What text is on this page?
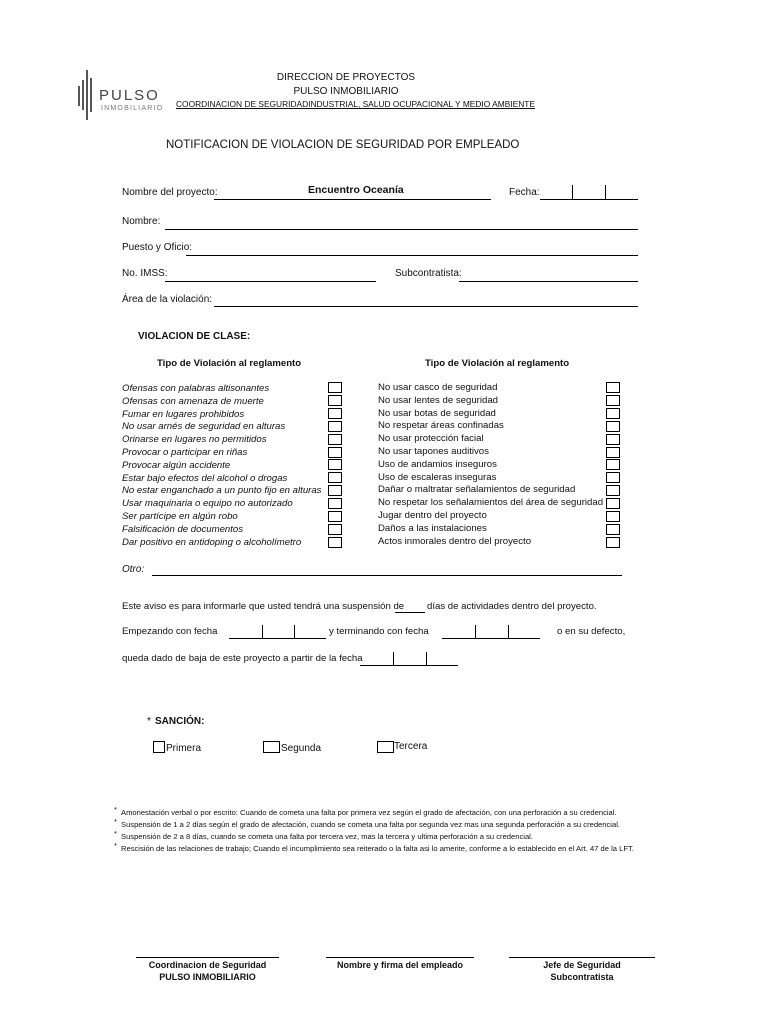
PULSO
INMOBILIARIO
DIRECCION DE PROYECTOS
PULSO INMOBILIARIO
COORDINACION DE SEGURIDADINDUSTRIAL, SALUD OCUPACIONAL Y MEDIO AMBIENTE
NOTIFICACION DE VIOLACION DE SEGURIDAD POR EMPLEADO
Nombre del proyecto:	Encuentro Oceanía	Fecha:
Nombre:
Puesto y Oficio:
No. IMSS:	Subcontratista:
Área de la violación:
VIOLACION DE CLASE:
Tipo de Violación al reglamento	Tipo de Violación al reglamento
Ofensas con palabras altisonantes
Ofensas con amenaza de muerte
Fumar en lugares prohibidos
No usar arnés de seguridad en alturas
Orinarse en lugares no permitidos
Provocar o participar en riñas
Provocar algún accidente
Estar bajo efectos del alcohol o drogas
No estar enganchado a un punto fijo en alturas
Usar maquinaria o equipo no autorizado
Ser partícipe en algún robo
Falsificación de documentos
Dar positivo en antidoping o alcoholímetro
No usar casco de seguridad
No usar lentes de seguridad
No usar botas de seguridad
No respetar áreas confinadas
No usar protección facial
No usar tapones auditivos
Uso de andamios inseguros
Uso de escaleras inseguras
Dañar o maltratar señalamientos de seguridad
No respetar los señalamientos del área de seguridad
Jugar dentro del proyecto
Daños a las instalaciones
Actos inmorales dentro del proyecto
Otro:
Este aviso es para informarle que usted tendrá una suspensión de días de actividades dentro del proyecto.
Empezando con fecha	y terminando con fecha	o en su defecto,
queda dado de baja de este proyecto a partir de la fecha
* SANCIÓN:
Primera	Segunda	Tercera
* Amonestación verbal o por escrito: Cuando de cometa una falta por primera vez según el grado de afectación, con una perforación a su credencial.
* Suspensión de 1 a 2 días según el grado de afectación, cuando se cometa una falta por segunda vez mas una segunda perforación a su credencial.
* Suspensión de 2 a 8 días, cuando se cometa una falta por tercera vez, mas la tercera y ultima perforación a su credencial.
* Rescisión de las relaciones de trabajo; Cuando el incumplimiento sea reiterado o la falta asi lo amerite, conforme a lo establecido en el Art. 47 de la LFT.
Coordinacion de Seguridad
PULSO INMOBILIARIO
Nombre y firma del empleado	Jefe de Seguridad
Subcontratista
